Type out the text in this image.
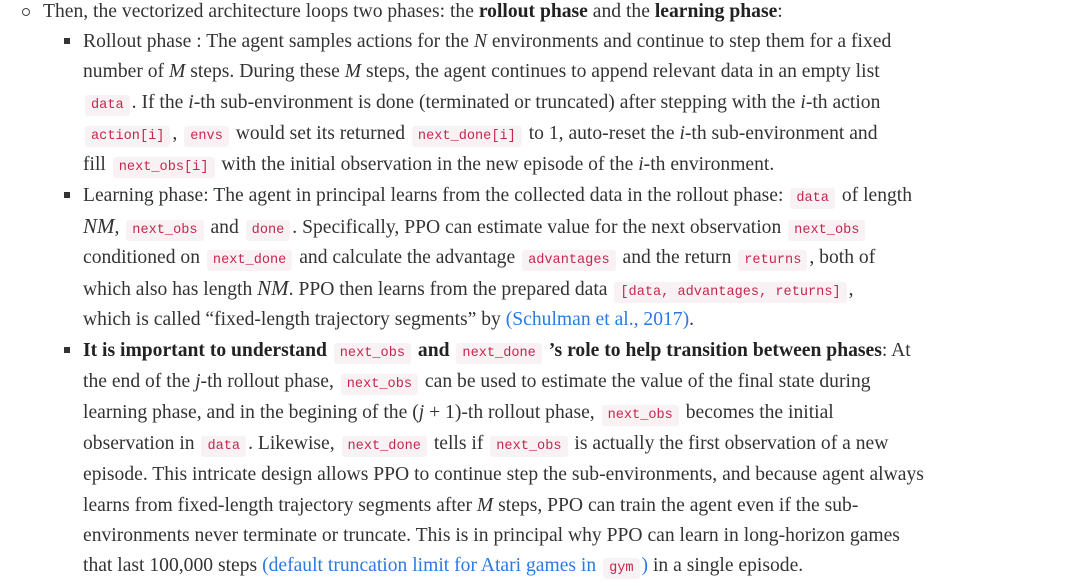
Then, the vectorized architecture loops two phases: the rollout phase and the learning phase:
Rollout phase : The agent samples actions for the N environments and continue to step them for a fixed
number of M steps. During these M steps, the agent continues to append relevant data in an empty list
data . If the i-th sub-environment is done (terminated or truncated) after stepping with the i-th action
action[i] , envs would set its returned next_done[i] to 1, auto-reset the i-th sub-environment and
fill next_obs[i] with the initial observation in the new episode of the i-th environment.
Learning phase: The agent in principal learns from the collected data in the rollout phase: data of length
NM, next_obs and done . Specifically, PPO can estimate value for the next observation next_obs
conditioned on next_done and calculate the advantage advantages and the return returns , both of
which also has length NM. PPO then learns from the prepared data [data, advantages, returns] ,
which is called “fixed-length trajectory segments” by (Schulman et al., 2017).
It is important to understand next_obs and next_done ’s role to help transition between phases: At
the end of the j-th rollout phase, next_obs can be used to estimate the value of the final state during
learning phase, and in the begining of the (j + 1)-th rollout phase, next_obs becomes the initial
observation in data . Likewise, next_done tells if next_obs is actually the first observation of a new
episode. This intricate design allows PPO to continue step the sub-environments, and because agent always
learns from fixed-length trajectory segments after M steps, PPO can train the agent even if the sub-
environments never terminate or truncate. This is in principal why PPO can learn in long-horizon games
that last 100,000 steps (default truncation limit for Atari games in gym ) in a single episode.
